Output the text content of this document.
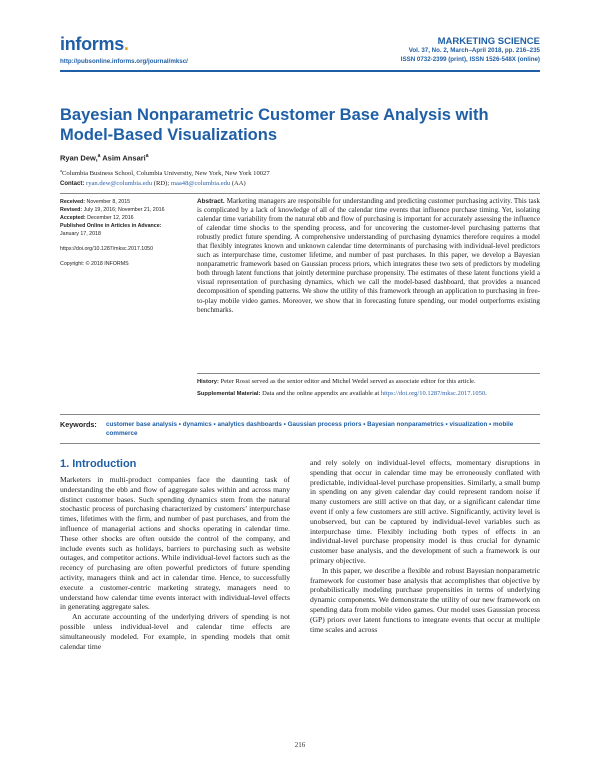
informs.
http://pubsonline.informs.org/journal/mksc/
MARKETING SCIENCE
Vol. 37, No. 2, March–April 2018, pp. 216–235
ISSN 0732-2399 (print), ISSN 1526-548X (online)
Bayesian Nonparametric Customer Base Analysis with Model-Based Visualizations
Ryan Dew,$^a$ Asim Ansari$^a$
$^a$Columbia Business School, Columbia University, New York, New York 10027
Contact: ryan.dew@columbia.edu (RD); maa48@columbia.edu (AA)
Received: November 8, 2015
Revised: July 19, 2016; November 21, 2016
Accepted: December 12, 2016
Published Online in Articles in Advance:
January 17, 2018
https://doi.org/10.1287/mksc.2017.1050
Copyright: © 2018 INFORMS
Abstract. Marketing managers are responsible for understanding and predicting customer purchasing activity. This task is complicated by a lack of knowledge of all of the calendar time events that influence purchase timing. Yet, isolating calendar time variability from the natural ebb and flow of purchasing is important for accurately assessing the influence of calendar time shocks to the spending process, and for uncovering the customer-level purchasing patterns that robustly predict future spending. A comprehensive understanding of purchasing dynamics therefore requires a model that flexibly integrates known and unknown calendar time determinants of purchasing with individual-level predictors such as interpurchase time, customer lifetime, and number of past purchases. In this paper, we develop a Bayesian nonparametric framework based on Gaussian process priors, which integrates these two sets of predictors by modeling both through latent functions that jointly determine purchase propensity. The estimates of these latent functions yield a visual representation of purchasing dynamics, which we call the model-based dashboard, that provides a nuanced decomposition of spending patterns. We show the utility of this framework through an application to purchasing in free-to-play mobile video games. Moreover, we show that in forecasting future spending, our model outperforms existing benchmarks.
History: Peter Rossi served as the senior editor and Michel Wedel served as associate editor for this article.
Supplemental Material: Data and the online appendix are available at https://doi.org/10.1287/mksc.2017.1050.
Keywords: customer base analysis • dynamics • analytics dashboards • Gaussian process priors • Bayesian nonparametrics • visualization • mobile commerce
1. Introduction

Marketers in multi-product companies face the daunting task of understanding the ebb and flow of aggregate sales within and across many distinct customer bases. Such spending dynamics stem from the natural stochastic process of purchasing characterized by customers’ interpurchase times, lifetimes with the firm, and number of past purchases, and from the influence of managerial actions and shocks operating in calendar time. These other shocks are often outside the control of the company, and include events such as holidays, barriers to purchasing such as website outages, and competitor actions. While individual-level factors such as the recency of purchasing are often powerful predictors of future spending activity, managers think and act in calendar time. Hence, to successfully execute a customer-centric marketing strategy, managers need to understand how calendar time events interact with individual-level effects in generating aggregate sales.

An accurate accounting of the underlying drivers of spending is not possible unless individual-level and calendar time effects are simultaneously modeled. For example, in spending models that omit calendar time

and rely solely on individual-level effects, momentary disruptions in spending that occur in calendar time may be erroneously conflated with predictable, individual-level purchase propensities. Similarly, a small bump in spending on any given calendar day could represent random noise if many customers are still active on that day, or a significant calendar time event if only a few customers are still active. Significantly, activity level is unobserved, but can be captured by individual-level variables such as interpurchase time. Flexibly including both types of effects in an individual-level purchase propensity model is thus crucial for dynamic customer base analysis, and the development of such a framework is our primary objective.

In this paper, we describe a flexible and robust Bayesian nonparametric framework for customer base analysis that accomplishes that objective by probabilistically modeling purchase propensities in terms of underlying dynamic components. We demonstrate the utility of our new framework on spending data from mobile video games. Our model uses Gaussian process (GP) priors over latent functions to integrate events that occur at multiple time scales and across

216
